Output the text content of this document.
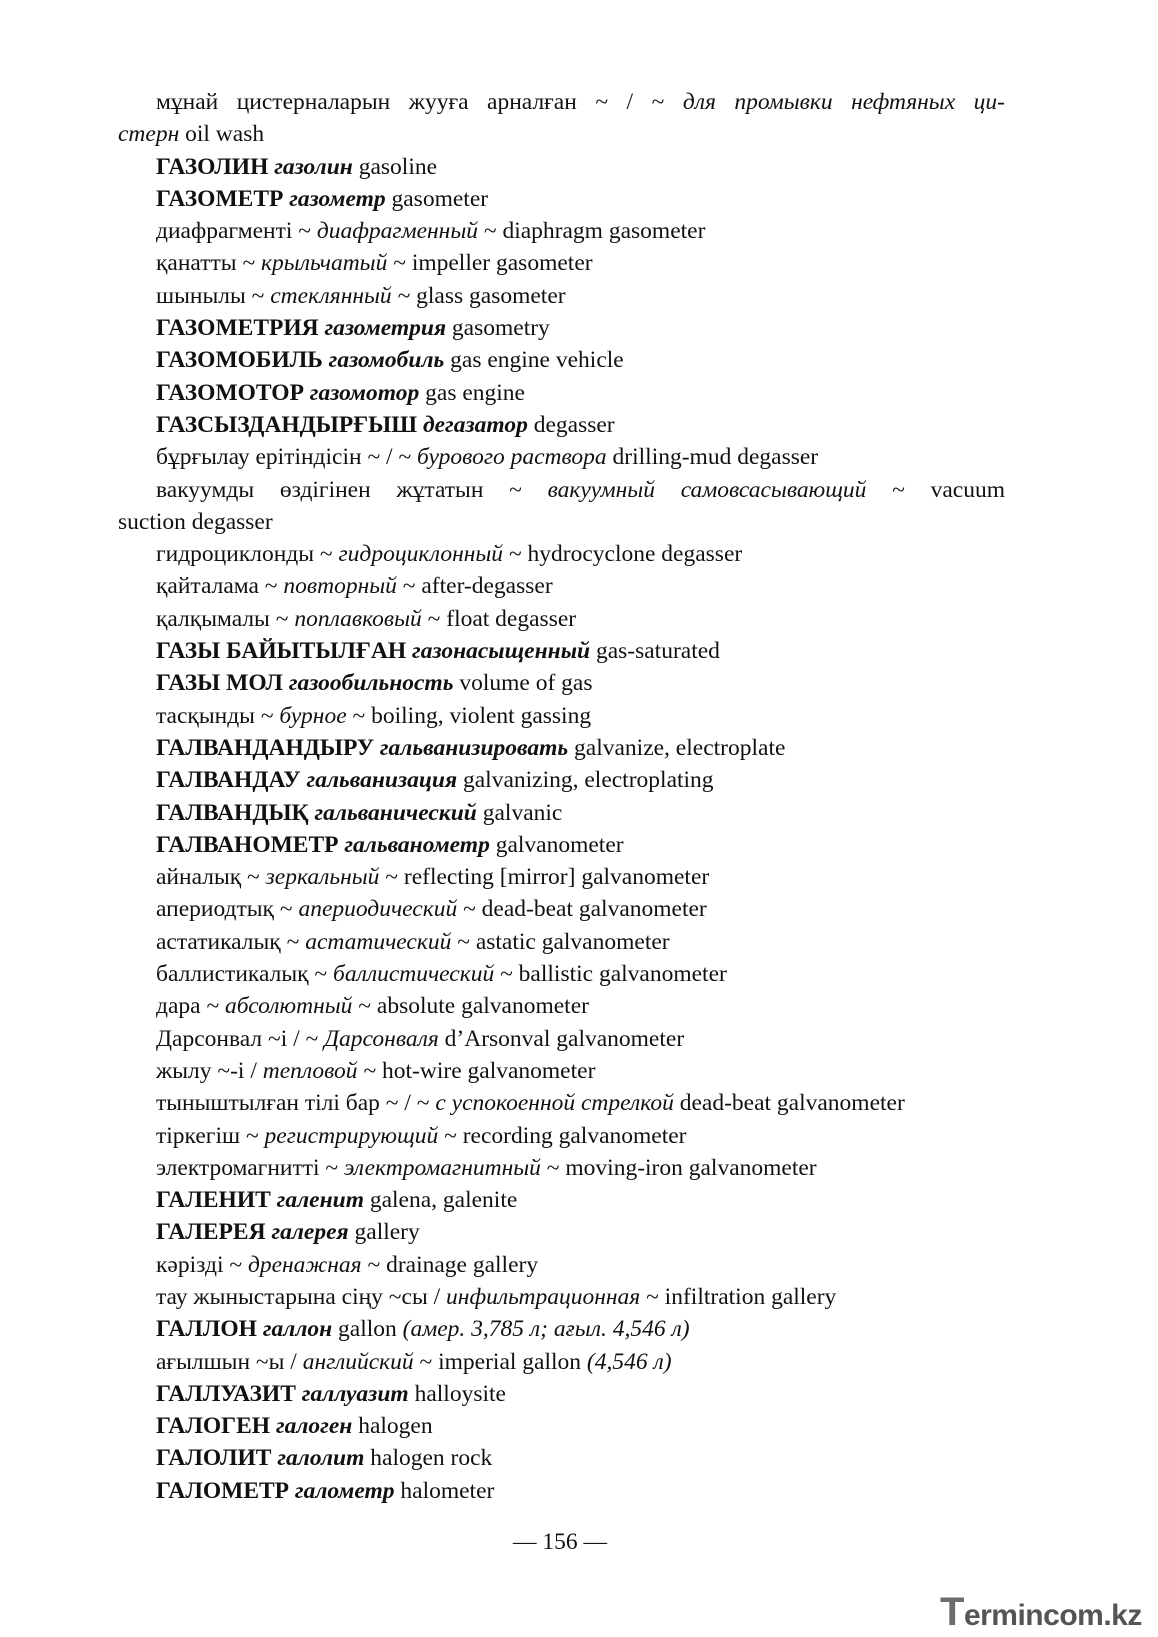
мұнай цистерналарын жууға арналған ~ / ~ для промывки нефтяных ци-
стерн oil wash
ГАЗОЛИН газолин gasoline
ГАЗОМЕТР газометр gasometer
диафрагменті ~ диафрагменный ~ diaphragm gasometer
қанатты ~ крыльчатый ~ impeller gasometer
шынылы ~ стеклянный ~ glass gasometer
ГАЗОМЕТРИЯ газометрия gasometry
ГАЗОМОБИЛЬ газомобиль gas engine vehicle
ГАЗОМОТОР газомотор gas engine
ГАЗСЫЗДАНДЫРҒЫШ дегазатор degasser
бұрғылау ерітіндісін ~ / ~ бурового раствора drilling-mud degasser
вакуумды өздігінен жұтатын ~ вакуумный самовсасывающий ~ vacuum
suction degasser
гидроциклонды ~ гидроциклонный ~ hydrocyclone degasser
қайталама ~ повторный ~ after-degasser
қалқымалы ~ поплавковый ~ float degasser
ГАЗЫ БАЙЫТЫЛҒАН газонасыщенный gas-saturated
ГАЗЫ МОЛ газообильность volume of gas
тасқынды ~ бурное ~ boiling, violent gassing
ГАЛВАНДАНДЫРУ гальванизировать galvanize, electroplate
ГАЛВАНДАУ гальванизация galvanizing, electroplating
ГАЛВАНДЫҚ гальванический galvanic
ГАЛВАНОМЕТР гальванометр galvanometer
айналық ~ зеркальный ~ reflecting [mirror] galvanometer
апериодтық ~ апериодический ~ dead-beat galvanometer
астатикалық ~ астатический ~ astatic galvanometer
баллистикалық ~ баллистический ~ ballistic galvanometer
дара ~ абсолютный ~ absolute galvanometer
Дарсонвал ~і / ~ Дарсонваля d’Arsonval galvanometer
жылу ~-і / тепловой ~ hot-wire galvanometer
тыныштылған тілі бар ~ / ~ с успокоенной стрелкой dead-beat galvanometer
тіркегіш ~ регистрирующий ~ recording galvanometer
электромагнитті ~ электромагнитный ~ moving-iron galvanometer
ГАЛЕНИТ галенит galena, galenite
ГАЛЕРЕЯ галерея gallery
кәрізді ~ дренажная ~ drainage gallery
тау жыныстарына сіңу ~сы / инфильтрационная ~ infiltration gallery
ГАЛЛОН галлон gallon (амер. 3,785 л; ағыл. 4,546 л)
ағылшын ~ы / английский ~ imperial gallon (4,546 л)
ГАЛЛУАЗИТ галлуазит halloysite
ГАЛОГЕН галоген halogen
ГАЛОЛИТ галолит halogen rock
ГАЛОМЕТР галометр halometer
— 156 —
Termincom.kz
